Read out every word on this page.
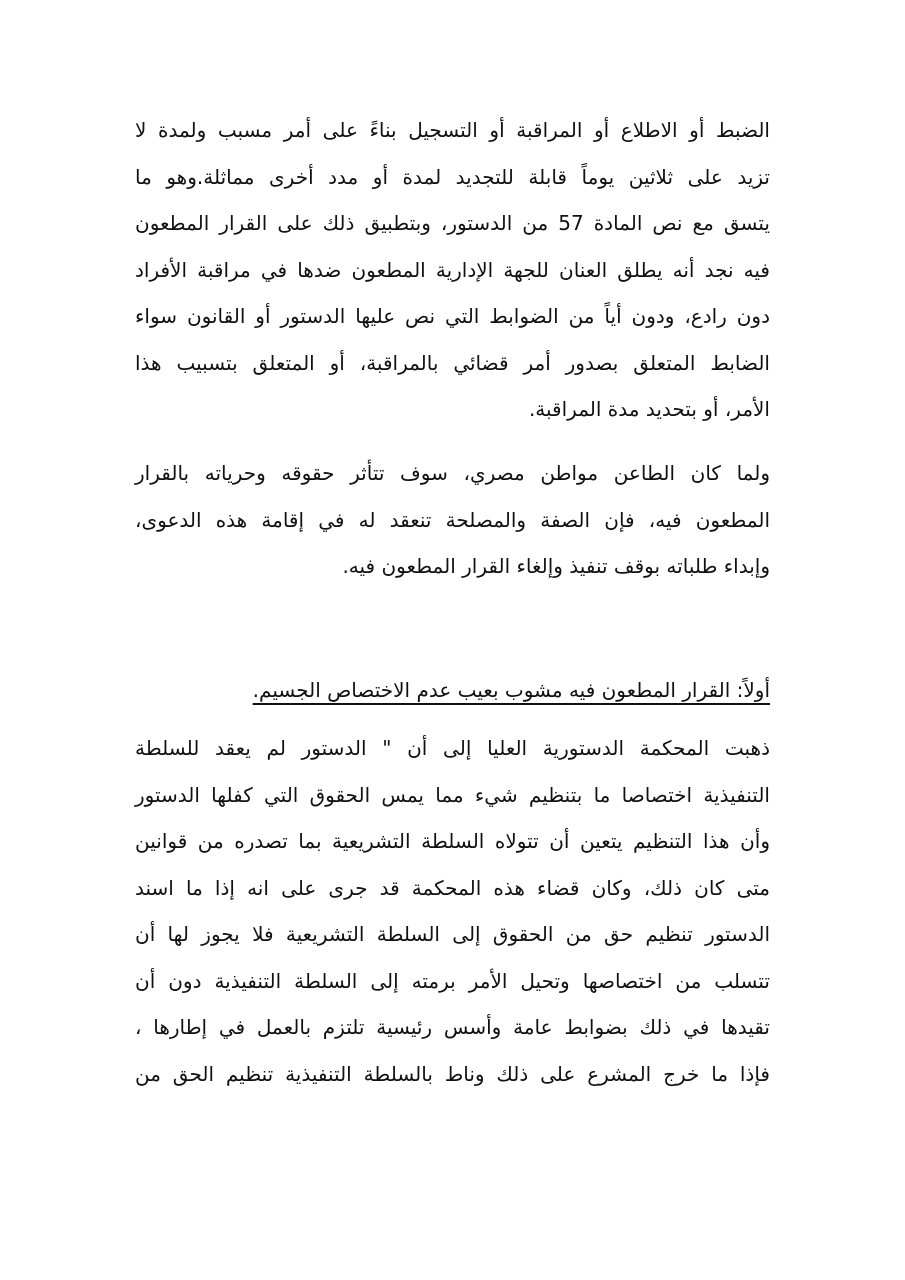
الضبط أو الاطلاع أو المراقبة أو التسجيل بناءً على أمر مسبب ولمدة لا
تزيد على ثلاثين يوماً قابلة للتجديد لمدة أو مدد أخرى مماثلة.وهو ما
يتسق مع نص المادة 57 من الدستور، وبتطبيق ذلك على القرار المطعون
فيه نجد أنه يطلق العنان للجهة الإدارية المطعون ضدها في مراقبة الأفراد
دون رادع، ودون أياً من الضوابط التي نص عليها الدستور أو القانون سواء
الضابط المتعلق بصدور أمر قضائي بالمراقبة، أو المتعلق بتسبيب هذا
الأمر، أو بتحديد مدة المراقبة.

ولما كان الطاعن مواطن مصري، سوف تتأثر حقوقه وحرياته بالقرار
المطعون فيه، فإن الصفة والمصلحة تنعقد له في إقامة هذه الدعوى،
وإبداء طلباته بوقف تنفيذ وإلغاء القرار المطعون فيه.

أولاً: القرار المطعون فيه مشوب بعيب عدم الاختصاص الجسيم.

ذهبت المحكمة الدستورية العليا إلى أن " الدستور لم يعقد للسلطة
التنفيذية اختصاصا ما بتنظيم شيء مما يمس الحقوق التي كفلها الدستور
وأن هذا التنظيم يتعين أن تتولاه السلطة التشريعية بما تصدره من قوانين
متى كان ذلك، وكان قضاء هذه المحكمة قد جرى على انه إذا ما اسند
الدستور تنظيم حق من الحقوق إلى السلطة التشريعية فلا يجوز لها أن
تتسلب من اختصاصها وتحيل الأمر برمته إلى السلطة التنفيذية دون أن
تقيدها في ذلك بضوابط عامة وأسس رئيسية تلتزم بالعمل في إطارها ،
فإذا ما خرج المشرع على ذلك وناط بالسلطة التنفيذية تنظيم الحق من
